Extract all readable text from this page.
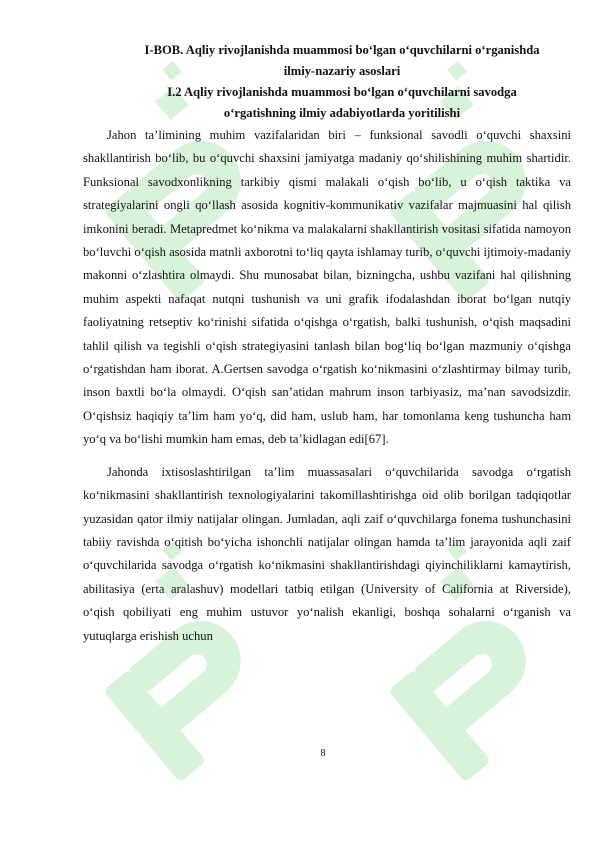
I-BOB. Aqliy rivojlanishda muammosi bo‘lgan o‘quvchilarni o‘rganishda
ilmiy-nazariy asoslari

I.2 Aqliy rivojlanishda muammosi bo‘lgan o‘quvchilarni savodga
o‘rgatishning ilmiy adabiyotlarda yoritilishi

Jahon ta’limining muhim vazifalaridan biri – funksional savodli o‘quvchi shaxsini shakllantirish bo‘lib, bu o‘quvchi shaxsini jamiyatga madaniy qo‘shilishining muhim shartidir. Funksional savodxonlikning tarkibiy qismi malakali o‘qish bo‘lib, u o‘qish taktika va strategiyalarini ongli qo‘llash asosida kognitiv-kommunikativ vazifalar majmuasini hal qilish imkonini beradi. Metapredmet ko‘nikma va malakalarni shakllantirish vositasi sifatida namoyon bo‘luvchi o‘qish asosida matnli axborotni to‘liq qayta ishlamay turib, o‘quvchi ijtimoiy-madaniy makonni o‘zlashtira olmaydi. Shu munosabat bilan, bizningcha, ushbu vazifani hal qilishning muhim aspekti nafaqat nutqni tushunish va uni grafik ifodalashdan iborat bo‘lgan nutqiy faoliyatning retseptiv ko‘rinishi sifatida o‘qishga o‘rgatish, balki tushunish, o‘qish maqsadini tahlil qilish va tegishli o‘qish strategiyasini tanlash bilan bog‘liq bo‘lgan mazmuniy o‘qishga o‘rgatishdan ham iborat. A.Gertsen savodga o‘rgatish ko‘nikmasini o‘zlashtirmay bilmay turib, inson baxtli bo‘la olmaydi. O‘qish san’atidan mahrum inson tarbiyasiz, ma’nan savodsizdir. O‘qishsiz haqiqiy ta’lim ham yo‘q, did ham, uslub ham, har tomonlama keng tushuncha ham yo‘q va bo‘lishi mumkin ham emas, deb ta’kidlagan edi[67].

Jahonda ixtisoslashtirilgan ta’lim muassasalari o‘quvchilarida savodga o‘rgatish ko‘nikmasini shakllantirish texnologiyalarini takomillashtirishga oid olib borilgan tadqiqotlar yuzasidan qator ilmiy natijalar olingan. Jumladan, aqli zaif o‘quvchilarga fonema tushunchasini tabiiy ravishda o‘qitish bo‘yicha ishonchli natijalar olingan hamda ta’lim jarayonida aqli zaif o‘quvchilarida savodga o‘rgatish ko‘nikmasini shakllantirishdagi qiyinchiliklarni kamaytirish, abilitasiya (erta aralashuv) modellari tatbiq etilgan (University of California at Riverside), o‘qish qobiliyati eng muhim ustuvor yo‘nalish ekanligi, boshqa sohalarni o‘rganish va yutuqlarga erishish uchun

8
